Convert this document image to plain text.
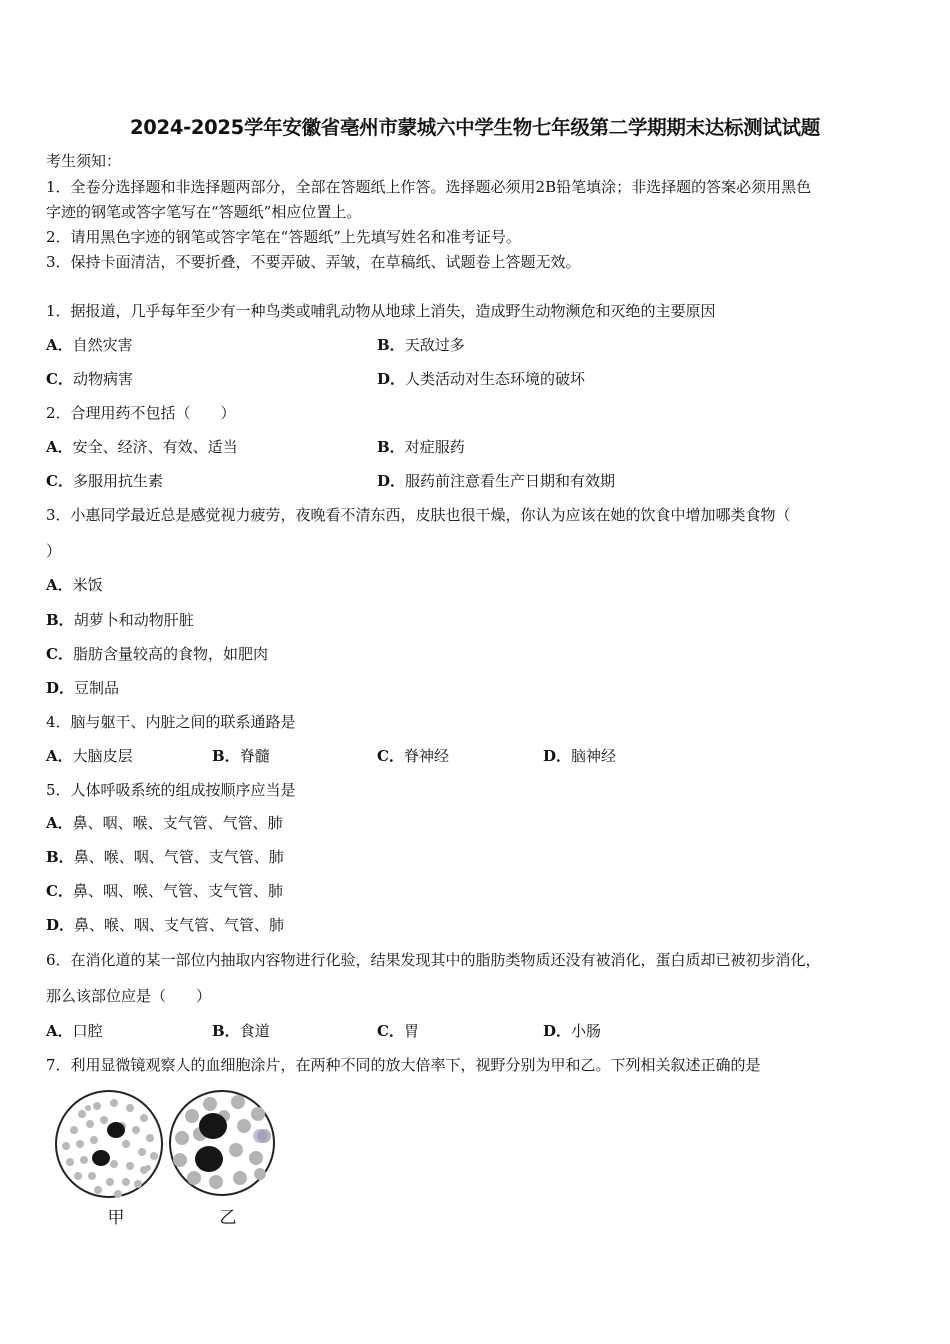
2024-2025学年安徽省亳州市蒙城六中学生物七年级第二学期期末达标测试试题
考生须知：
1．全卷分选择题和非选择题两部分，全部在答题纸上作答。选择题必须用2B铅笔填涂；非选择题的答案必须用黑色
字迹的钢笔或答字笔写在“答题纸”相应位置上。
2．请用黑色字迹的钢笔或答字笔在“答题纸”上先填写姓名和准考证号。
3．保持卡面清洁，不要折叠，不要弄破、弄皱，在草稿纸、试题卷上答题无效。
1．据报道，几乎每年至少有一种鸟类或哺乳动物从地球上消失，造成野生动物濒危和灭绝的主要原因
A．自然灾害	B．天敌过多
C．动物病害	D．人类活动对生态环境的破坏
2．合理用药不包括（　　）
A．安全、经济、有效、适当	B．对症服药
C．多服用抗生素	D．服药前注意看生产日期和有效期
3．小惠同学最近总是感觉视力疲劳，夜晚看不清东西，皮肤也很干燥，你认为应该在她的饮食中增加哪类食物（
）
A．米饭
B．胡萝卜和动物肝脏
C．脂肪含量较高的食物，如肥肉
D．豆制品
4．脑与躯干、内脏之间的联系通路是
A．大脑皮层	B．脊髓	C．脊神经	D．脑神经
5．人体呼吸系统的组成按顺序应当是
A．鼻、咽、喉、支气管、气管、肺
B．鼻、喉、咽、气管、支气管、肺
C．鼻、咽、喉、气管、支气管、肺
D．鼻、喉、咽、支气管、气管、肺
6．在消化道的某一部位内抽取内容物进行化验，结果发现其中的脂肪类物质还没有被消化，蛋白质却已被初步消化，
那么该部位应是（　　）
A．口腔	B．食道	C．胃	D．小肠
7．利用显微镜观察人的血细胞涂片，在两种不同的放大倍率下，视野分别为甲和乙。下列相关叙述正确的是
甲	乙
